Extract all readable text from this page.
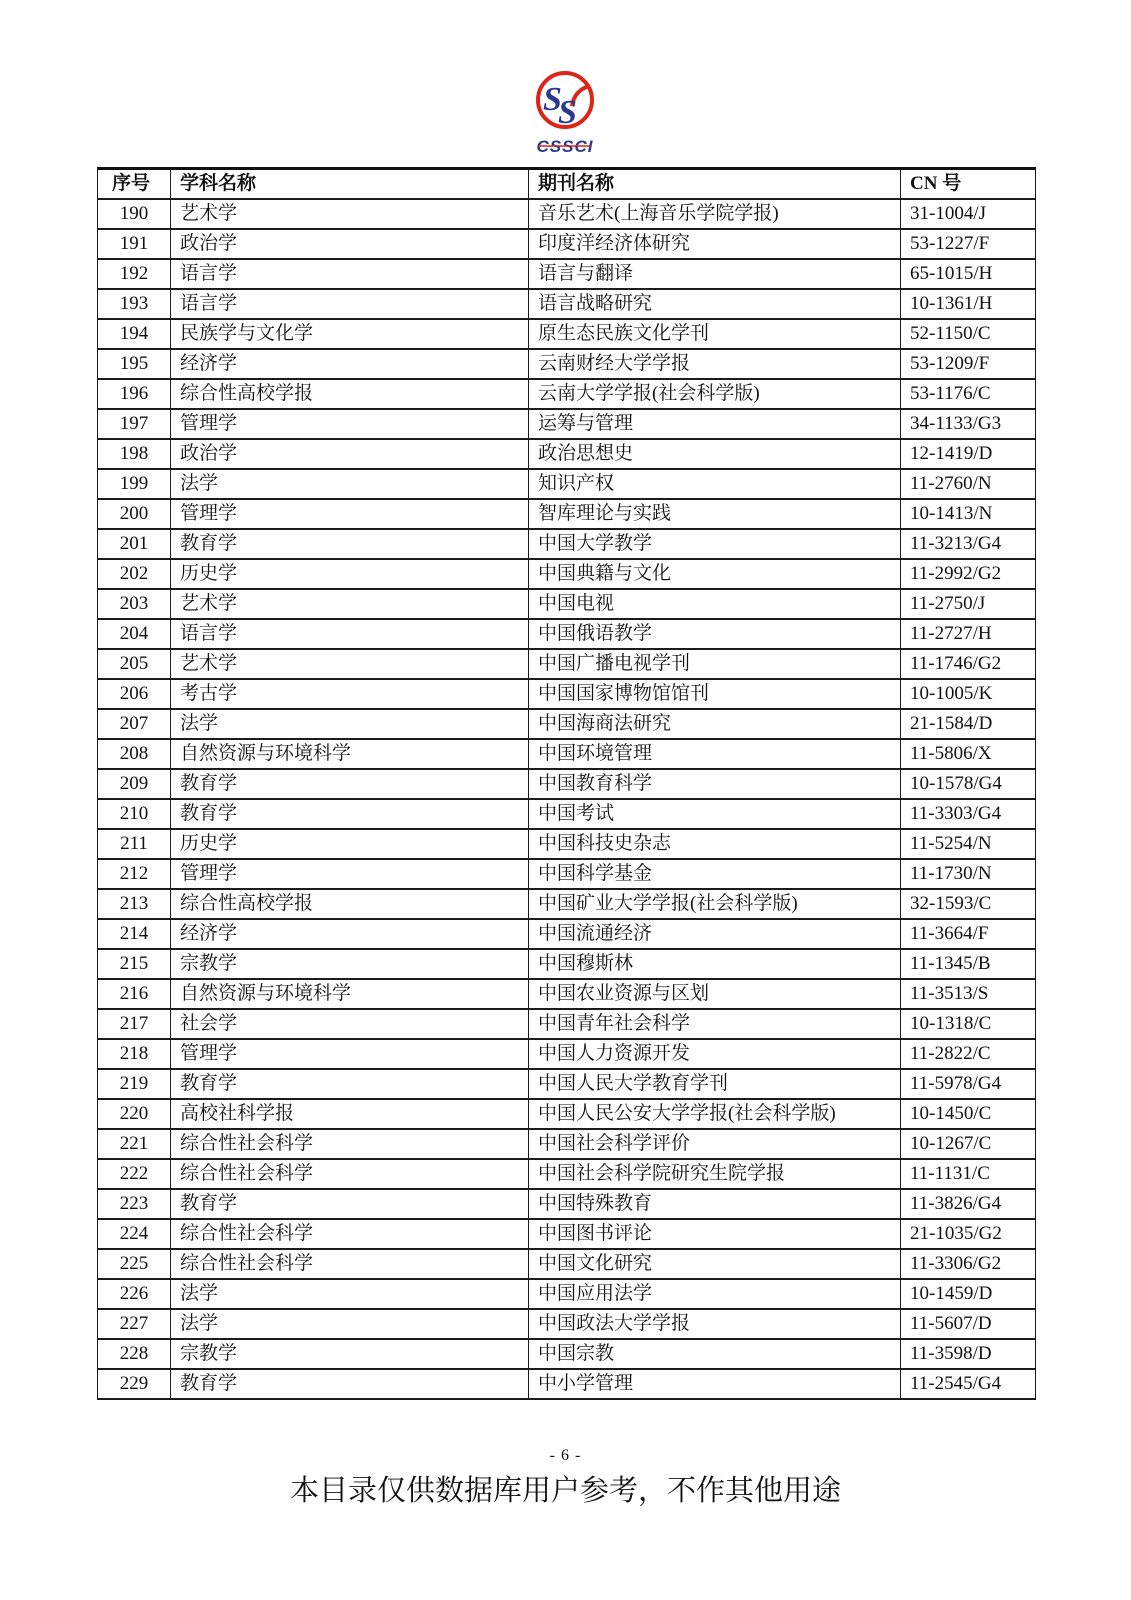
S
S
CSSCI
序号	学科名称	期刊名称	CN 号
190	艺术学	音乐艺术(上海音乐学院学报)	31-1004/J
191	政治学	印度洋经济体研究	53-1227/F
192	语言学	语言与翻译	65-1015/H
193	语言学	语言战略研究	10-1361/H
194	民族学与文化学	原生态民族文化学刊	52-1150/C
195	经济学	云南财经大学学报	53-1209/F
196	综合性高校学报	云南大学学报(社会科学版)	53-1176/C
197	管理学	运筹与管理	34-1133/G3
198	政治学	政治思想史	12-1419/D
199	法学	知识产权	11-2760/N
200	管理学	智库理论与实践	10-1413/N
201	教育学	中国大学教学	11-3213/G4
202	历史学	中国典籍与文化	11-2992/G2
203	艺术学	中国电视	11-2750/J
204	语言学	中国俄语教学	11-2727/H
205	艺术学	中国广播电视学刊	11-1746/G2
206	考古学	中国国家博物馆馆刊	10-1005/K
207	法学	中国海商法研究	21-1584/D
208	自然资源与环境科学	中国环境管理	11-5806/X
209	教育学	中国教育科学	10-1578/G4
210	教育学	中国考试	11-3303/G4
211	历史学	中国科技史杂志	11-5254/N
212	管理学	中国科学基金	11-1730/N
213	综合性高校学报	中国矿业大学学报(社会科学版)	32-1593/C
214	经济学	中国流通经济	11-3664/F
215	宗教学	中国穆斯林	11-1345/B
216	自然资源与环境科学	中国农业资源与区划	11-3513/S
217	社会学	中国青年社会科学	10-1318/C
218	管理学	中国人力资源开发	11-2822/C
219	教育学	中国人民大学教育学刊	11-5978/G4
220	高校社科学报	中国人民公安大学学报(社会科学版)	10-1450/C
221	综合性社会科学	中国社会科学评价	10-1267/C
222	综合性社会科学	中国社会科学院研究生院学报	11-1131/C
223	教育学	中国特殊教育	11-3826/G4
224	综合性社会科学	中国图书评论	21-1035/G2
225	综合性社会科学	中国文化研究	11-3306/G2
226	法学	中国应用法学	10-1459/D
227	法学	中国政法大学学报	11-5607/D
228	宗教学	中国宗教	11-3598/D
229	教育学	中小学管理	11-2545/G4
- 6 -
本目录仅供数据库用户参考，不作其他用途
